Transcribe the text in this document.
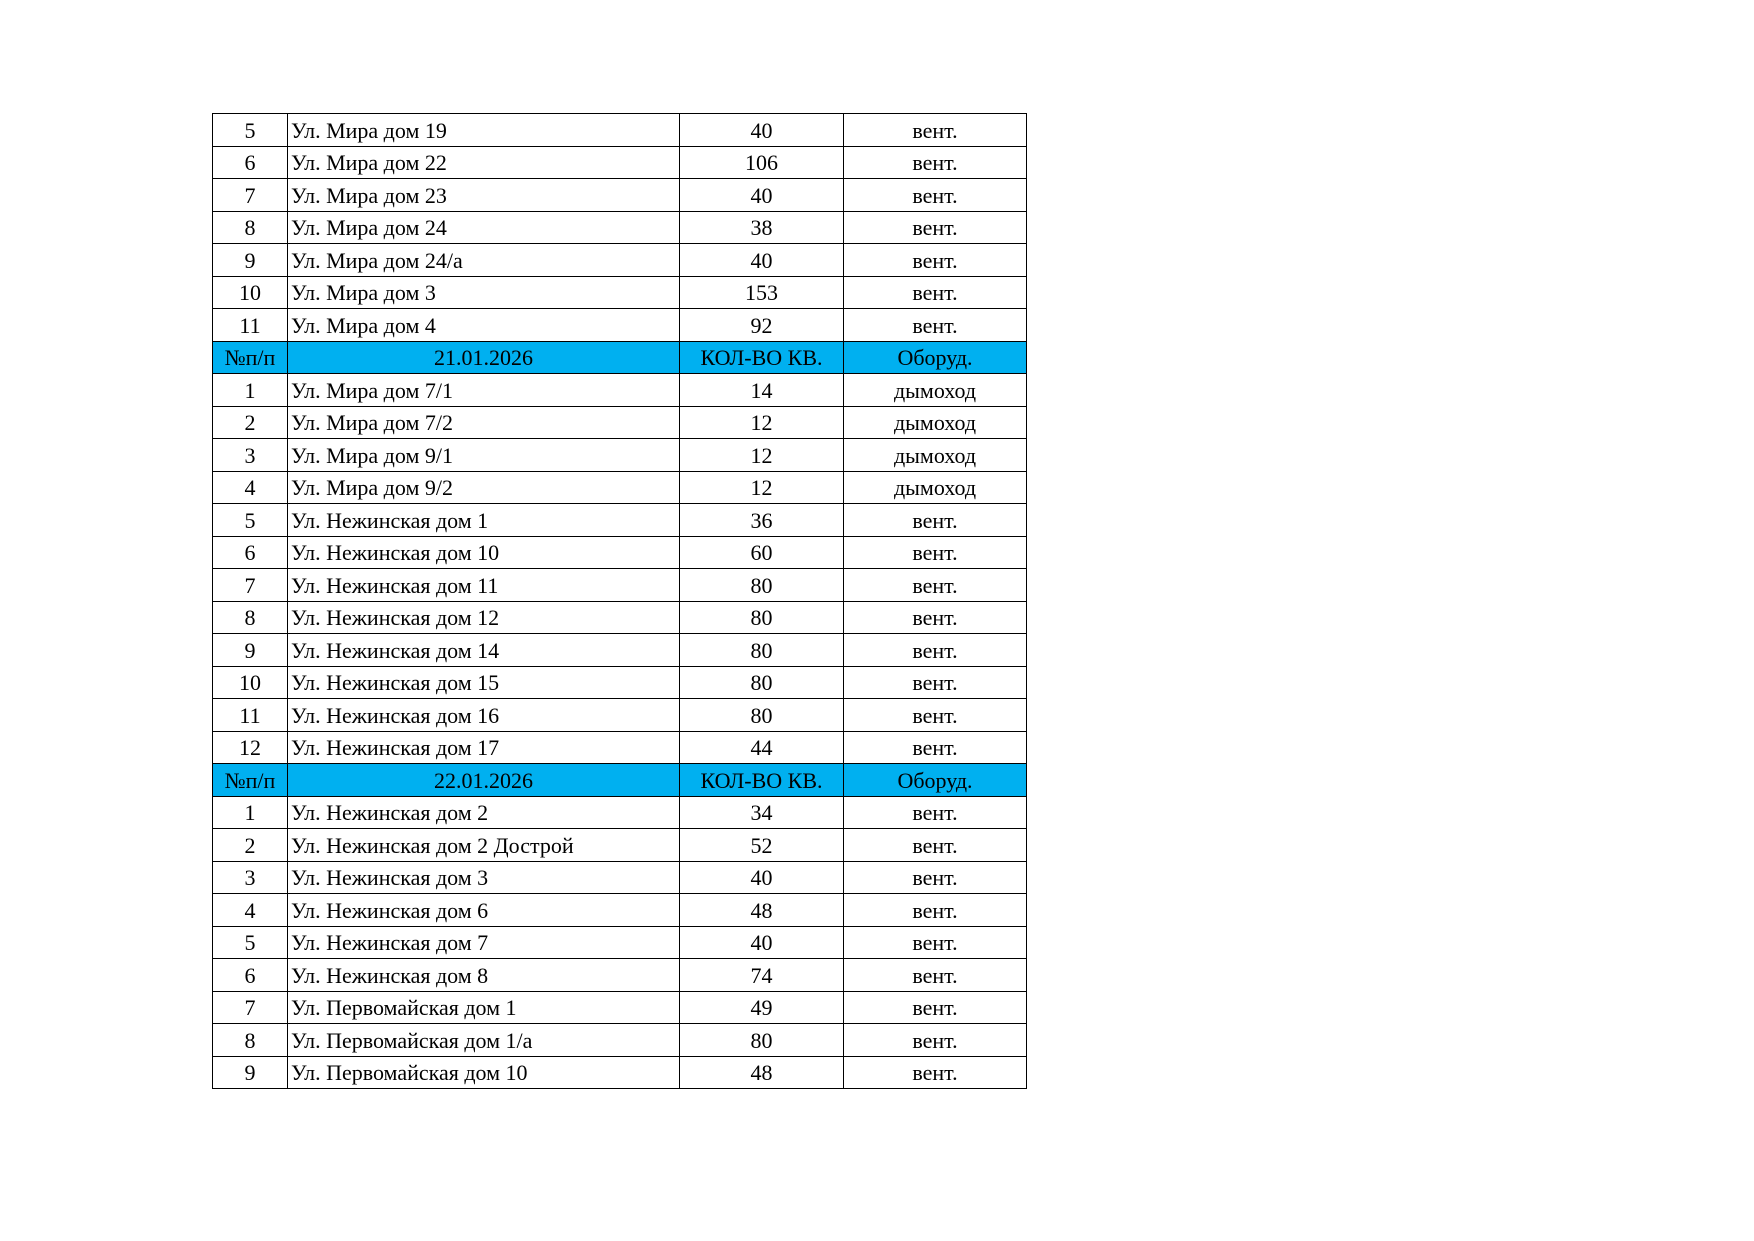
5	Ул. Мира дом 19	40	вент.
6	Ул. Мира дом 22	106	вент.
7	Ул. Мира дом 23	40	вент.
8	Ул. Мира дом 24	38	вент.
9	Ул. Мира дом 24/а	40	вент.
10	Ул. Мира дом 3	153	вент.
11	Ул. Мира дом 4	92	вент.
№п/п	21.01.2026	КОЛ-ВО КВ.	Оборуд.
1	Ул. Мира дом 7/1	14	дымоход
2	Ул. Мира дом 7/2	12	дымоход
3	Ул. Мира дом 9/1	12	дымоход
4	Ул. Мира дом 9/2	12	дымоход
5	Ул. Нежинская дом 1	36	вент.
6	Ул. Нежинская дом 10	60	вент.
7	Ул. Нежинская дом 11	80	вент.
8	Ул. Нежинская дом 12	80	вент.
9	Ул. Нежинская дом 14	80	вент.
10	Ул. Нежинская дом 15	80	вент.
11	Ул. Нежинская дом 16	80	вент.
12	Ул. Нежинская дом 17	44	вент.
№п/п	22.01.2026	КОЛ-ВО КВ.	Оборуд.
1	Ул. Нежинская дом 2	34	вент.
2	Ул. Нежинская дом 2 Дострой	52	вент.
3	Ул. Нежинская дом 3	40	вент.
4	Ул. Нежинская дом 6	48	вент.
5	Ул. Нежинская дом 7	40	вент.
6	Ул. Нежинская дом 8	74	вент.
7	Ул. Первомайская дом 1	49	вент.
8	Ул. Первомайская дом 1/а	80	вент.
9	Ул. Первомайская дом 10	48	вент.
